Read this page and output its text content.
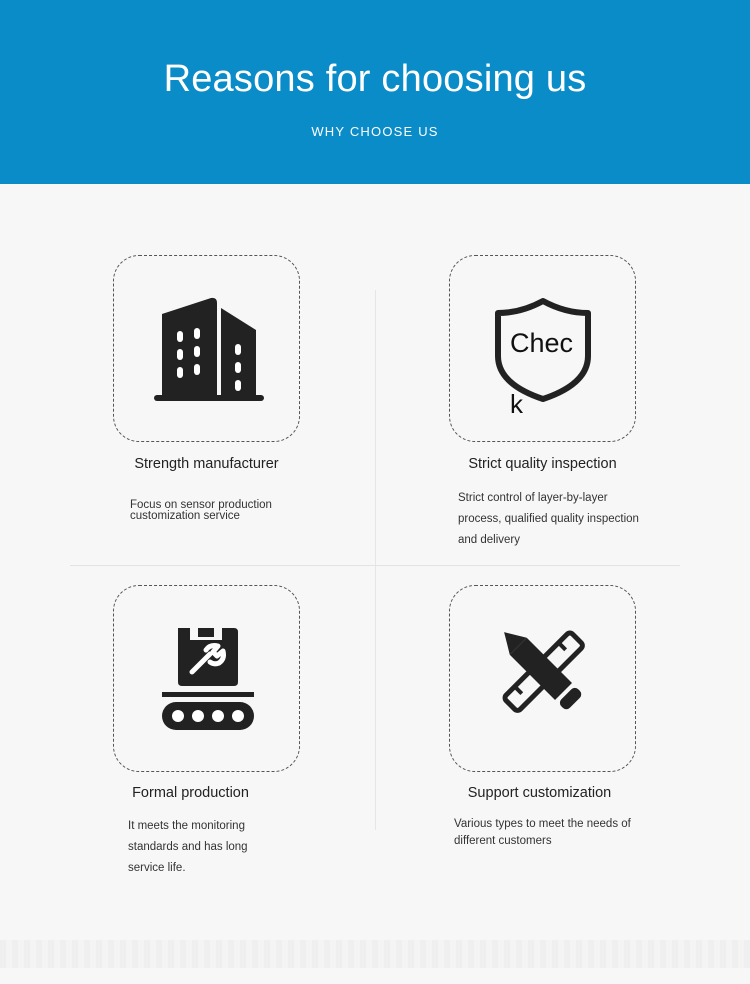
Reasons for choosing us
WHY CHOOSE US
Strength manufacturer
Focus on sensor production
customization service
Chec
k
Strict quality inspection
Strict control of layer-by-layer
process, qualified quality inspection
and delivery
Formal production
It meets the monitoring
standards and has long
service life.
Support customization
Various types to meet the needs of
different customers
